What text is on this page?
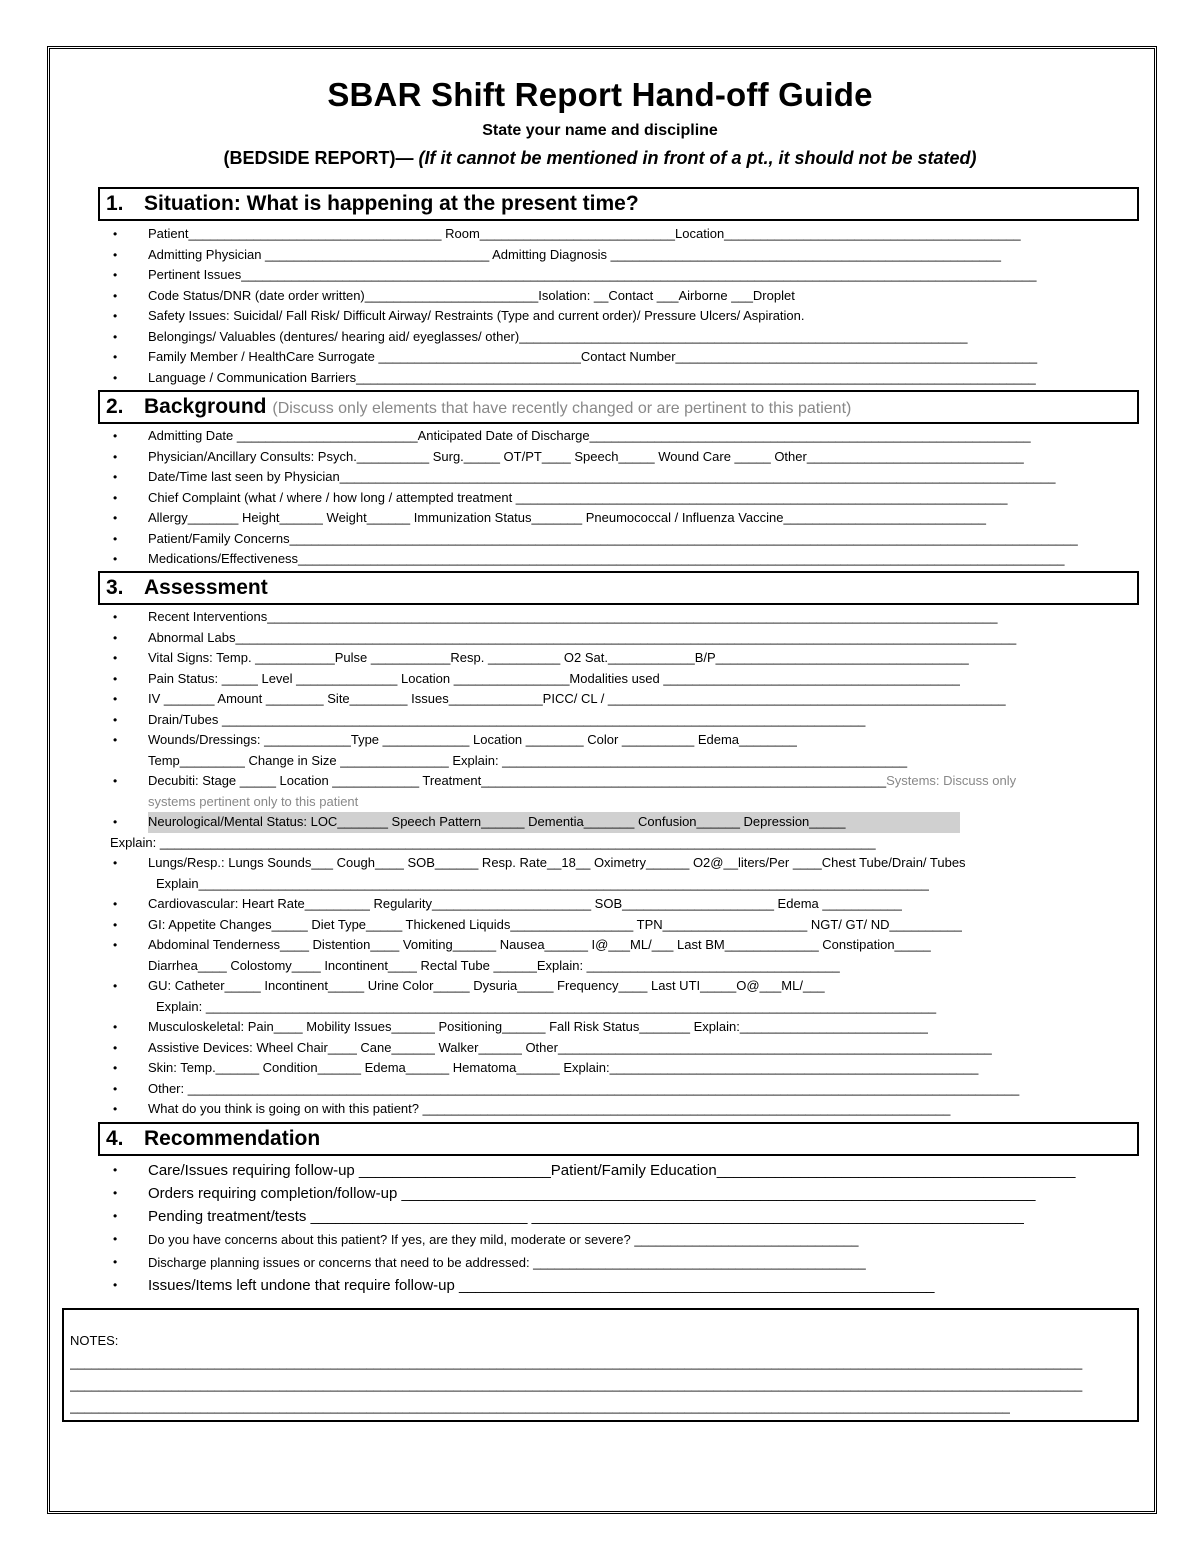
SBAR Shift Report Hand-off Guide
State your name and discipline
(BEDSIDE REPORT)— (If it cannot be mentioned in front of a pt., it should not be stated)
1. Situation: What is happening at the present time?
• Patient___________________________________ Room___________________________Location_________________________________________
• Admitting Physician _______________________________ Admitting Diagnosis ______________________________________________________
• Pertinent Issues______________________________________________________________________________________________________________
• Code Status/DNR (date order written)________________________Isolation: __Contact ___Airborne ___Droplet
• Safety Issues: Suicidal/ Fall Risk/ Difficult Airway/ Restraints (Type and current order)/ Pressure Ulcers/ Aspiration.
• Belongings/ Valuables (dentures/ hearing aid/ eyeglasses/ other)______________________________________________________________
• Family Member / HealthCare Surrogate ____________________________Contact Number__________________________________________________
• Language / Communication Barriers______________________________________________________________________________________________
2. Background (Discuss only elements that have recently changed or are pertinent to this patient)
• Admitting Date _________________________Anticipated Date of Discharge_____________________________________________________________
• Physician/Ancillary Consults: Psych.__________ Surg._____ OT/PT____ Speech_____ Wound Care _____ Other______________________________
• Date/Time last seen by Physician___________________________________________________________________________________________________
• Chief Complaint (what / where / how long / attempted treatment ____________________________________________________________________
• Allergy_______ Height______ Weight______ Immunization Status_______ Pneumococcal / Influenza Vaccine____________________________
• Patient/Family Concerns_____________________________________________________________________________________________________________
• Medications/Effectiveness__________________________________________________________________________________________________________
3. Assessment
• Recent Interventions_____________________________________________________________________________________________________
• Abnormal Labs____________________________________________________________________________________________________________
• Vital Signs: Temp. ___________Pulse ___________Resp. __________ O2 Sat.____________B/P___________________________________
• Pain Status: _____ Level ______________ Location ________________Modalities used _________________________________________
• IV _______ Amount ________ Site________ Issues_____________PICC/ CL / _______________________________________________________
• Drain/Tubes _________________________________________________________________________________________
• Wounds/Dressings: ____________Type ____________ Location ________ Color __________ Edema________
Temp_________ Change in Size _______________ Explain: ________________________________________________________
• Decubiti: Stage _____ Location ____________ Treatment________________________________________________________Systems: Discuss only
systems pertinent only to this patient
• Neurological/Mental Status: LOC_______ Speech Pattern______ Dementia_______ Confusion______ Depression_____
Explain: ___________________________________________________________________________________________________
• Lungs/Resp.: Lungs Sounds___ Cough____ SOB______ Resp. Rate__18__ Oximetry______ O2@__liters/Per ____Chest Tube/Drain/ Tubes
Explain_____________________________________________________________________________________________________
• Cardiovascular: Heart Rate_________ Regularity______________________ SOB_____________________ Edema ___________
• GI: Appetite Changes_____ Diet Type_____ Thickened Liquids_________________ TPN____________________ NGT/ GT/ ND__________
• Abdominal Tenderness____ Distention____ Vomiting______ Nausea______ I@___ML/___ Last BM_____________ Constipation_____
Diarrhea____ Colostomy____ Incontinent____ Rectal Tube ______Explain: ___________________________________
• GU: Catheter_____ Incontinent_____ Urine Color_____ Dysuria_____ Frequency____ Last UTI_____O@___ML/___
Explain: _____________________________________________________________________________________________________
• Musculoskeletal: Pain____ Mobility Issues______ Positioning______ Fall Risk Status_______ Explain:__________________________
• Assistive Devices: Wheel Chair____ Cane______ Walker______ Other____________________________________________________________
• Skin: Temp.______ Condition______ Edema______ Hematoma______ Explain:___________________________________________________
• Other: ___________________________________________________________________________________________________________________
• What do you think is going on with this patient? _________________________________________________________________________
4. Recommendation
• Care/Issues requiring follow-up _______________________Patient/Family Education___________________________________________
• Orders requiring completion/follow-up ____________________________________________________________________________
• Pending treatment/tests __________________________ ___________________________________________________________
• Do you have concerns about this patient? If yes, are they mild, moderate or severe? _______________________________
• Discharge planning issues or concerns that need to be addressed: ______________________________________________
• Issues/Items left undone that require follow-up _________________________________________________________
NOTES:
____________________________________________________________________________________________________________________________________________
____________________________________________________________________________________________________________________________________________
__________________________________________________________________________________________________________________________________
